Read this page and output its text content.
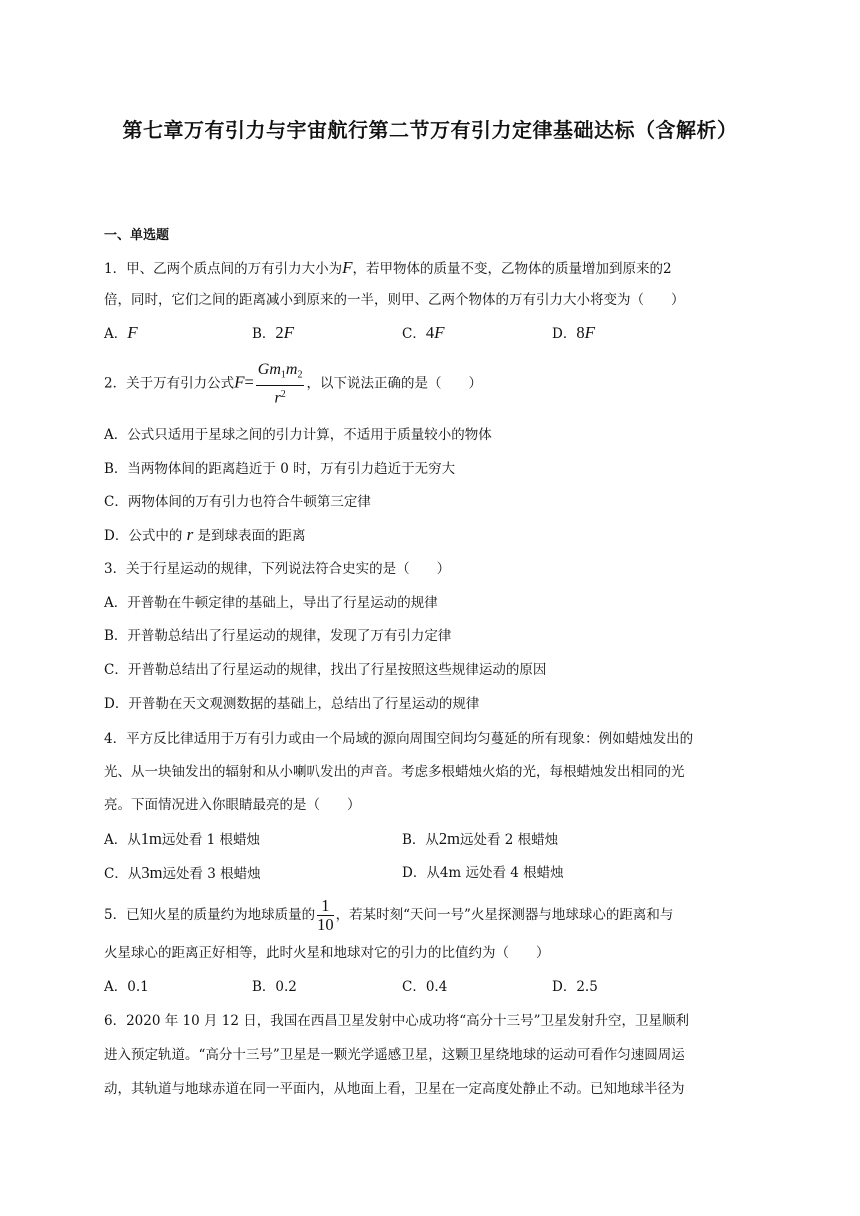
第七章万有引力与宇宙航行第二节万有引力定律基础达标（含解析）
一、单选题
1．甲、乙两个质点间的万有引力大小为F，若甲物体的质量不变，乙物体的质量增加到原来的2
倍，同时，它们之间的距离减小到原来的一半，则甲、乙两个物体的万有引力大小将变为（　　）
A．F	B．2F	C．4F	D．8F
2．关于万有引力公式$F= \frac{Gm_1m_2}{r^2}$ ，以下说法正确的是（　　）
A．公式只适用于星球之间的引力计算，不适用于质量较小的物体
B．当两物体间的距离趋近于 0 时，万有引力趋近于无穷大
C．两物体间的万有引力也符合牛顿第三定律
D．公式中的 r 是到球表面的距离
3．关于行星运动的规律，下列说法符合史实的是（　　）
A．开普勒在牛顿定律的基础上，导出了行星运动的规律
B．开普勒总结出了行星运动的规律，发现了万有引力定律
C．开普勒总结出了行星运动的规律，找出了行星按照这些规律运动的原因
D．开普勒在天文观测数据的基础上，总结出了行星运动的规律
4．平方反比律适用于万有引力或由一个局域的源向周围空间均匀蔓延的所有现象：例如蜡烛发出的
光、从一块铀发出的辐射和从小喇叭发出的声音。考虑多根蜡烛火焰的光，每根蜡烛发出相同的光
亮。下面情况进入你眼睛最亮的是（　　）
A．从1m远处看 1 根蜡烛	B．从2m远处看 2 根蜡烛
C．从3m远处看 3 根蜡烛	D．从4m 远处看 4 根蜡烛
5．已知火星的质量约为地球质量的 $\frac{1}{10}$ ，若某时刻“天问一号”火星探测器与地球球心的距离和与
火星球心的距离正好相等，此时火星和地球对它的引力的比值约为（　　）
A．0.1	B．0.2	C．0.4	D．2.5
6．2020 年 10 月 12 日，我国在西昌卫星发射中心成功将“高分十三号”卫星发射升空，卫星顺利
进入预定轨道。“高分十三号”卫星是一颗光学遥感卫星，这颗卫星绕地球的运动可看作匀速圆周运
动，其轨道与地球赤道在同一平面内，从地面上看，卫星在一定高度处静止不动。已知地球半径为
